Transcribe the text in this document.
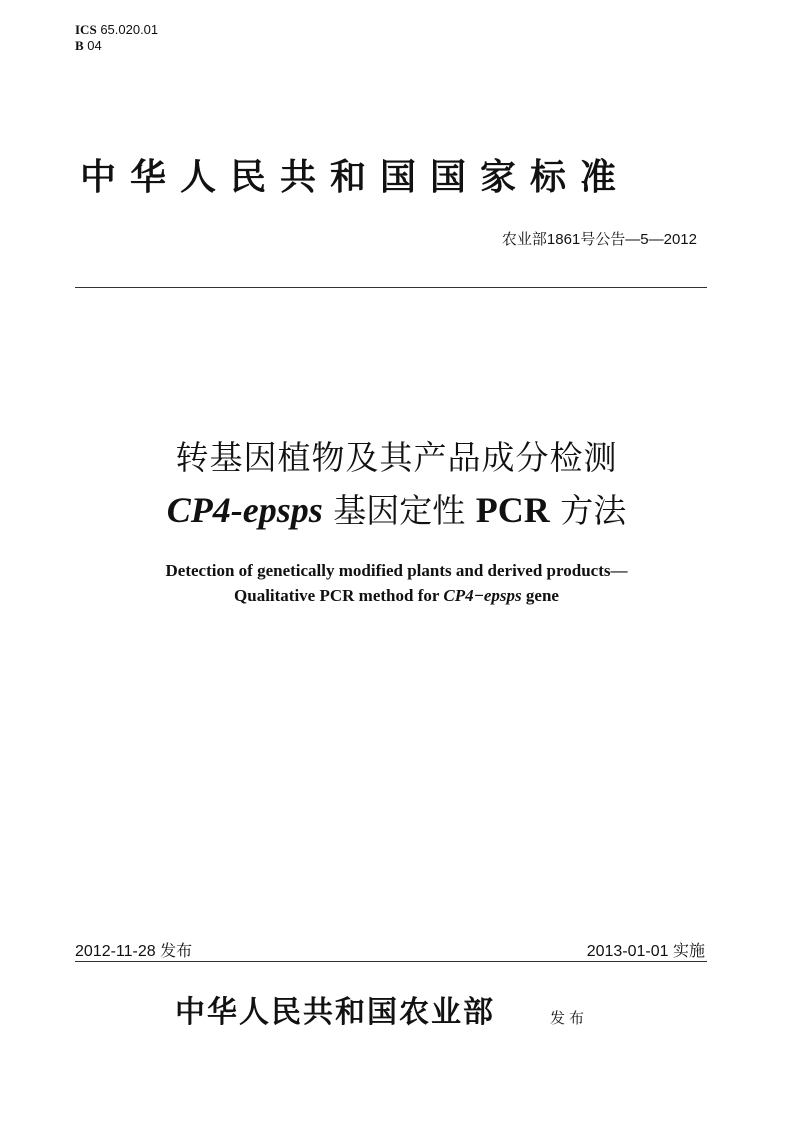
ICS 65.020.01
B 04
中华人民共和国国家标准
农业部1861号公告—5—2012
转基因植物及其产品成分检测
CP4-epsps 基因定性 PCR 方法
Detection of genetically modified plants and derived products—
Qualitative PCR method for CP4−epsps gene
2012-11-28 发布	2013-01-01 实施
中华人民共和国农业部	发布
